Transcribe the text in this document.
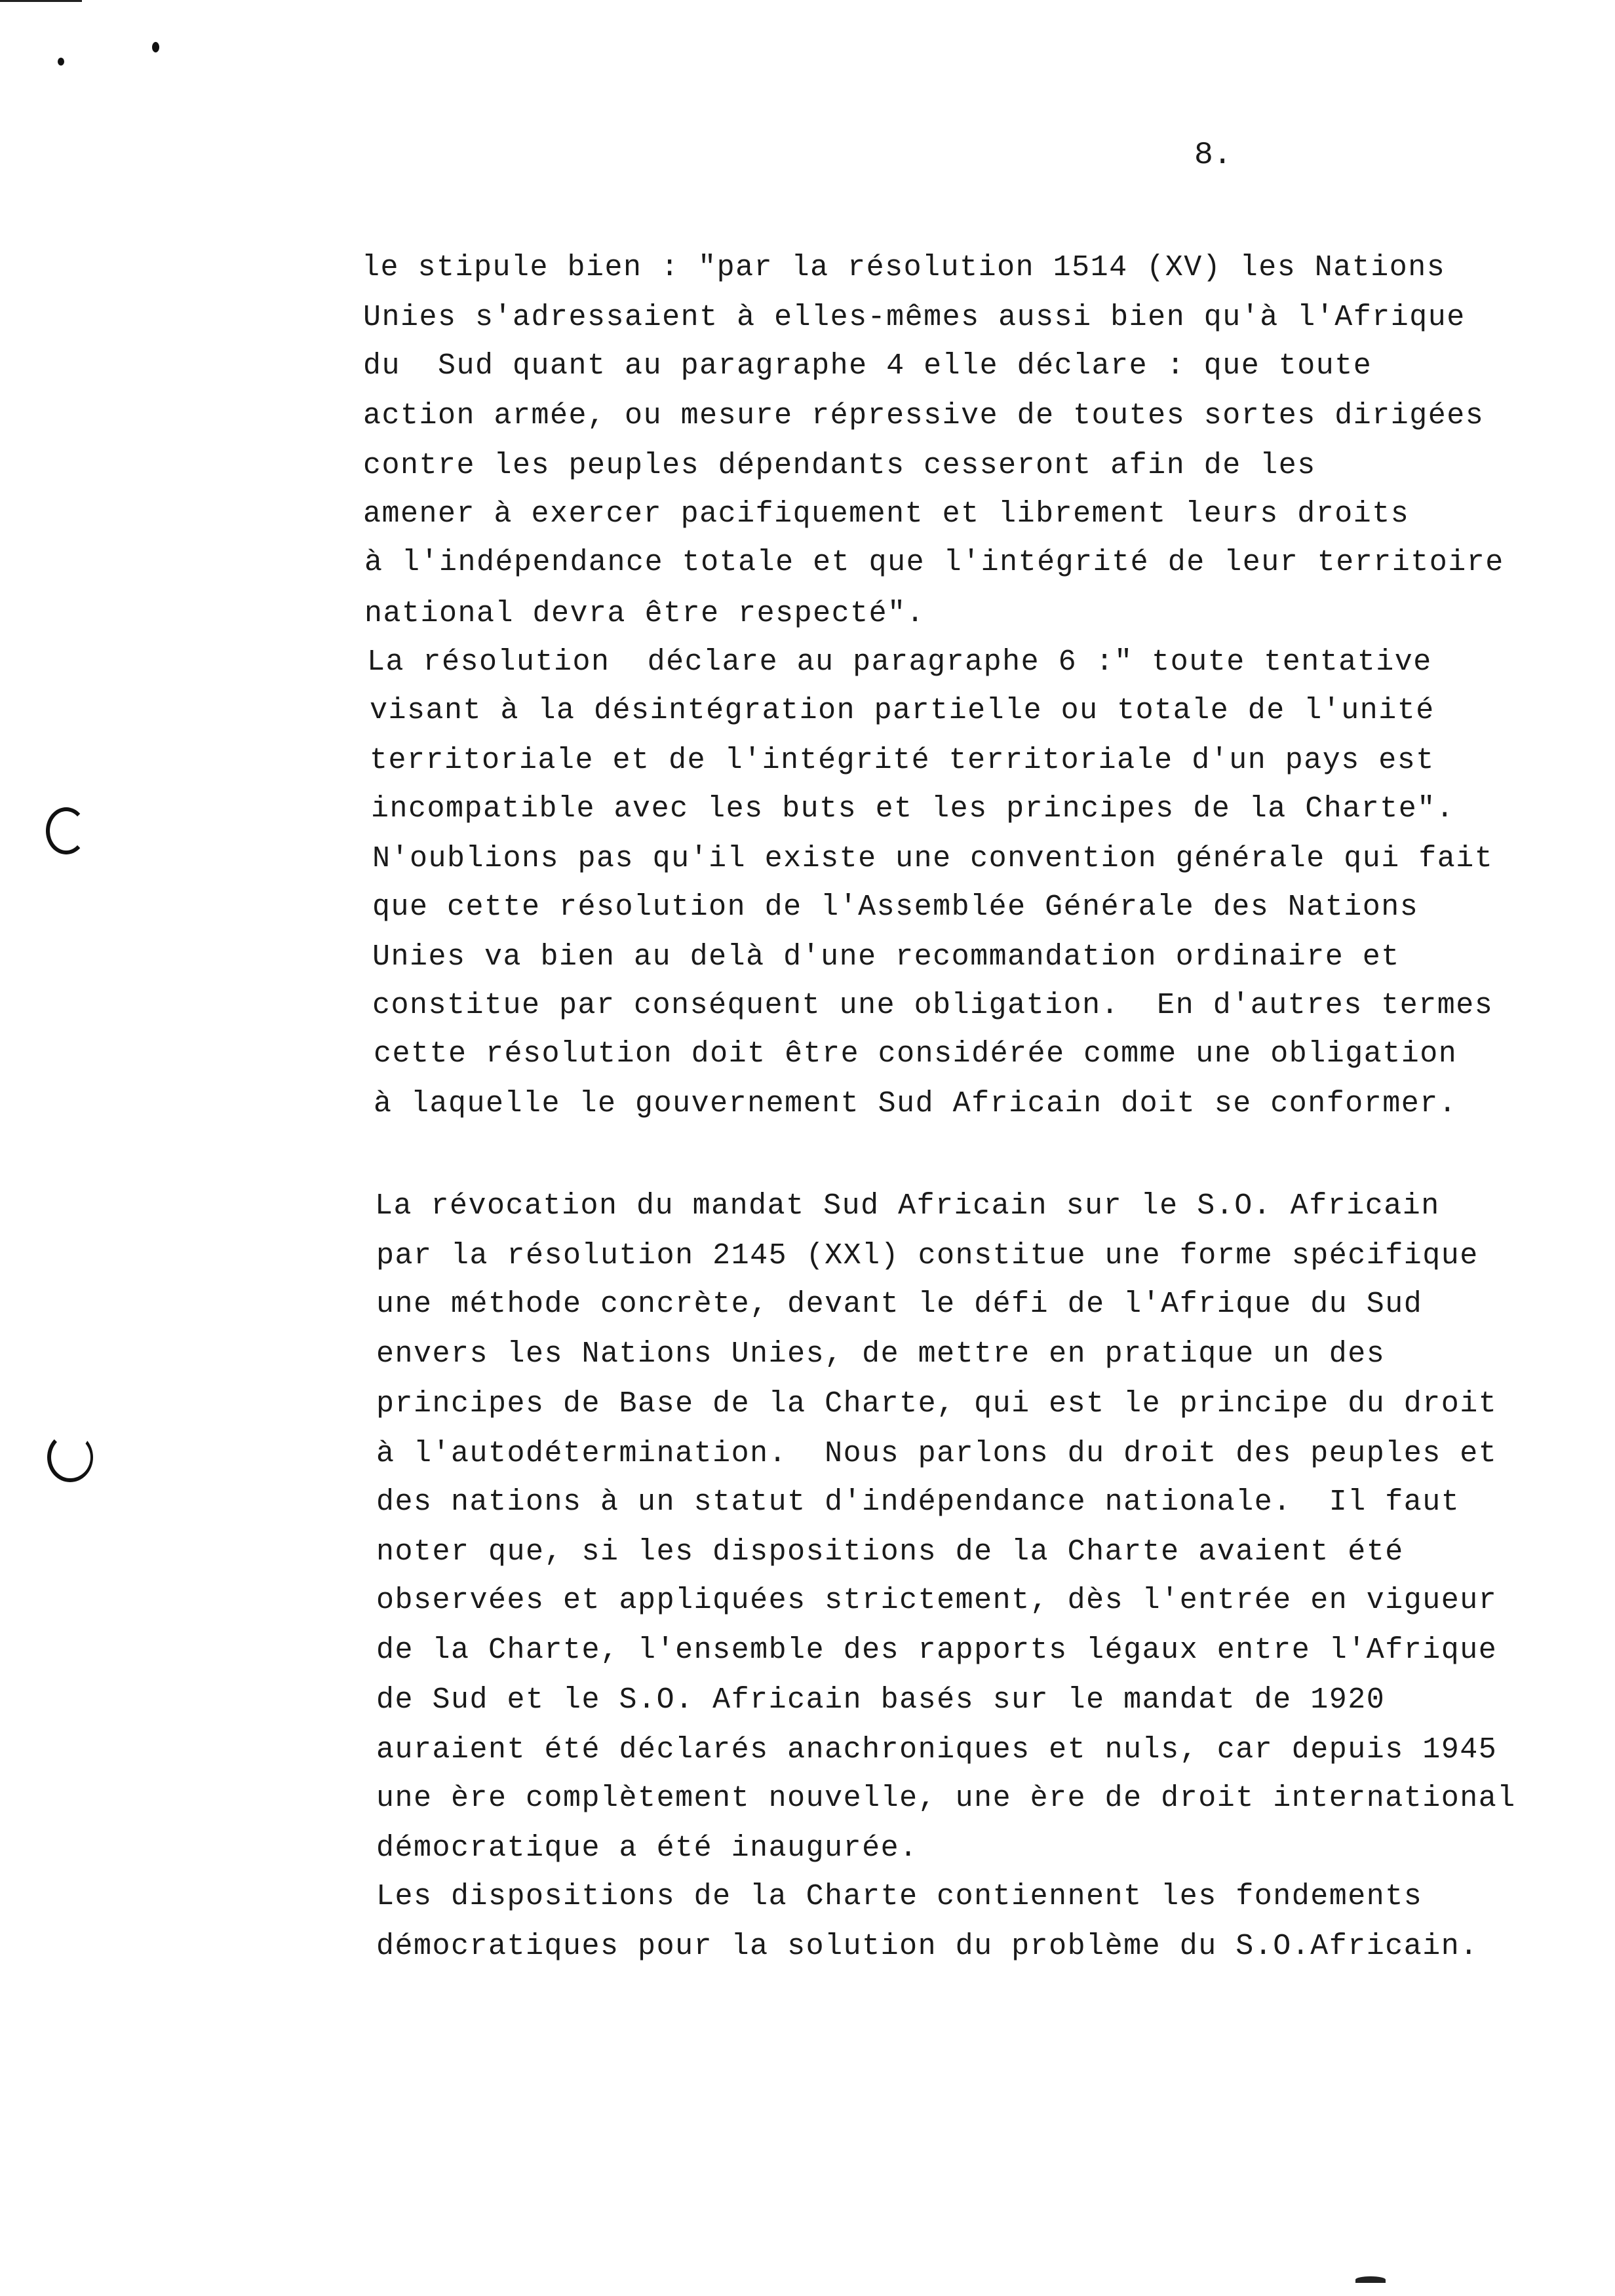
8.
le stipule bien : "par la résolution 1514 (XV) les Nations
Unies s'adressaient à elles-mêmes aussi bien qu'à l'Afrique
du  Sud quant au paragraphe 4 elle déclare : que toute
action armée, ou mesure répressive de toutes sortes dirigées
contre les peuples dépendants cesseront afin de les
amener à exercer pacifiquement et librement leurs droits
à l'indépendance totale et que l'intégrité de leur territoire
national devra être respecté".
La résolution  déclare au paragraphe 6 :" toute tentative
visant à la désintégration partielle ou totale de l'unité
territoriale et de l'intégrité territoriale d'un pays est
incompatible avec les buts et les principes de la Charte".
N'oublions pas qu'il existe une convention générale qui fait
que cette résolution de l'Assemblée Générale des Nations
Unies va bien au delà d'une recommandation ordinaire et
constitue par conséquent une obligation.  En d'autres termes
cette résolution doit être considérée comme une obligation
à laquelle le gouvernement Sud Africain doit se conformer.
La révocation du mandat Sud Africain sur le S.O. Africain
par la résolution 2145 (XXl) constitue une forme spécifique
une méthode concrète, devant le défi de l'Afrique du Sud
envers les Nations Unies, de mettre en pratique un des
principes de Base de la Charte, qui est le principe du droit
à l'autodétermination.  Nous parlons du droit des peuples et
des nations à un statut d'indépendance nationale.  Il faut
noter que, si les dispositions de la Charte avaient été
observées et appliquées strictement, dès l'entrée en vigueur
de la Charte, l'ensemble des rapports légaux entre l'Afrique
de Sud et le S.O. Africain basés sur le mandat de 1920
auraient été déclarés anachroniques et nuls, car depuis 1945
une ère complètement nouvelle, une ère de droit international
démocratique a été inaugurée.
Les dispositions de la Charte contiennent les fondements
démocratiques pour la solution du problème du S.O.Africain.
